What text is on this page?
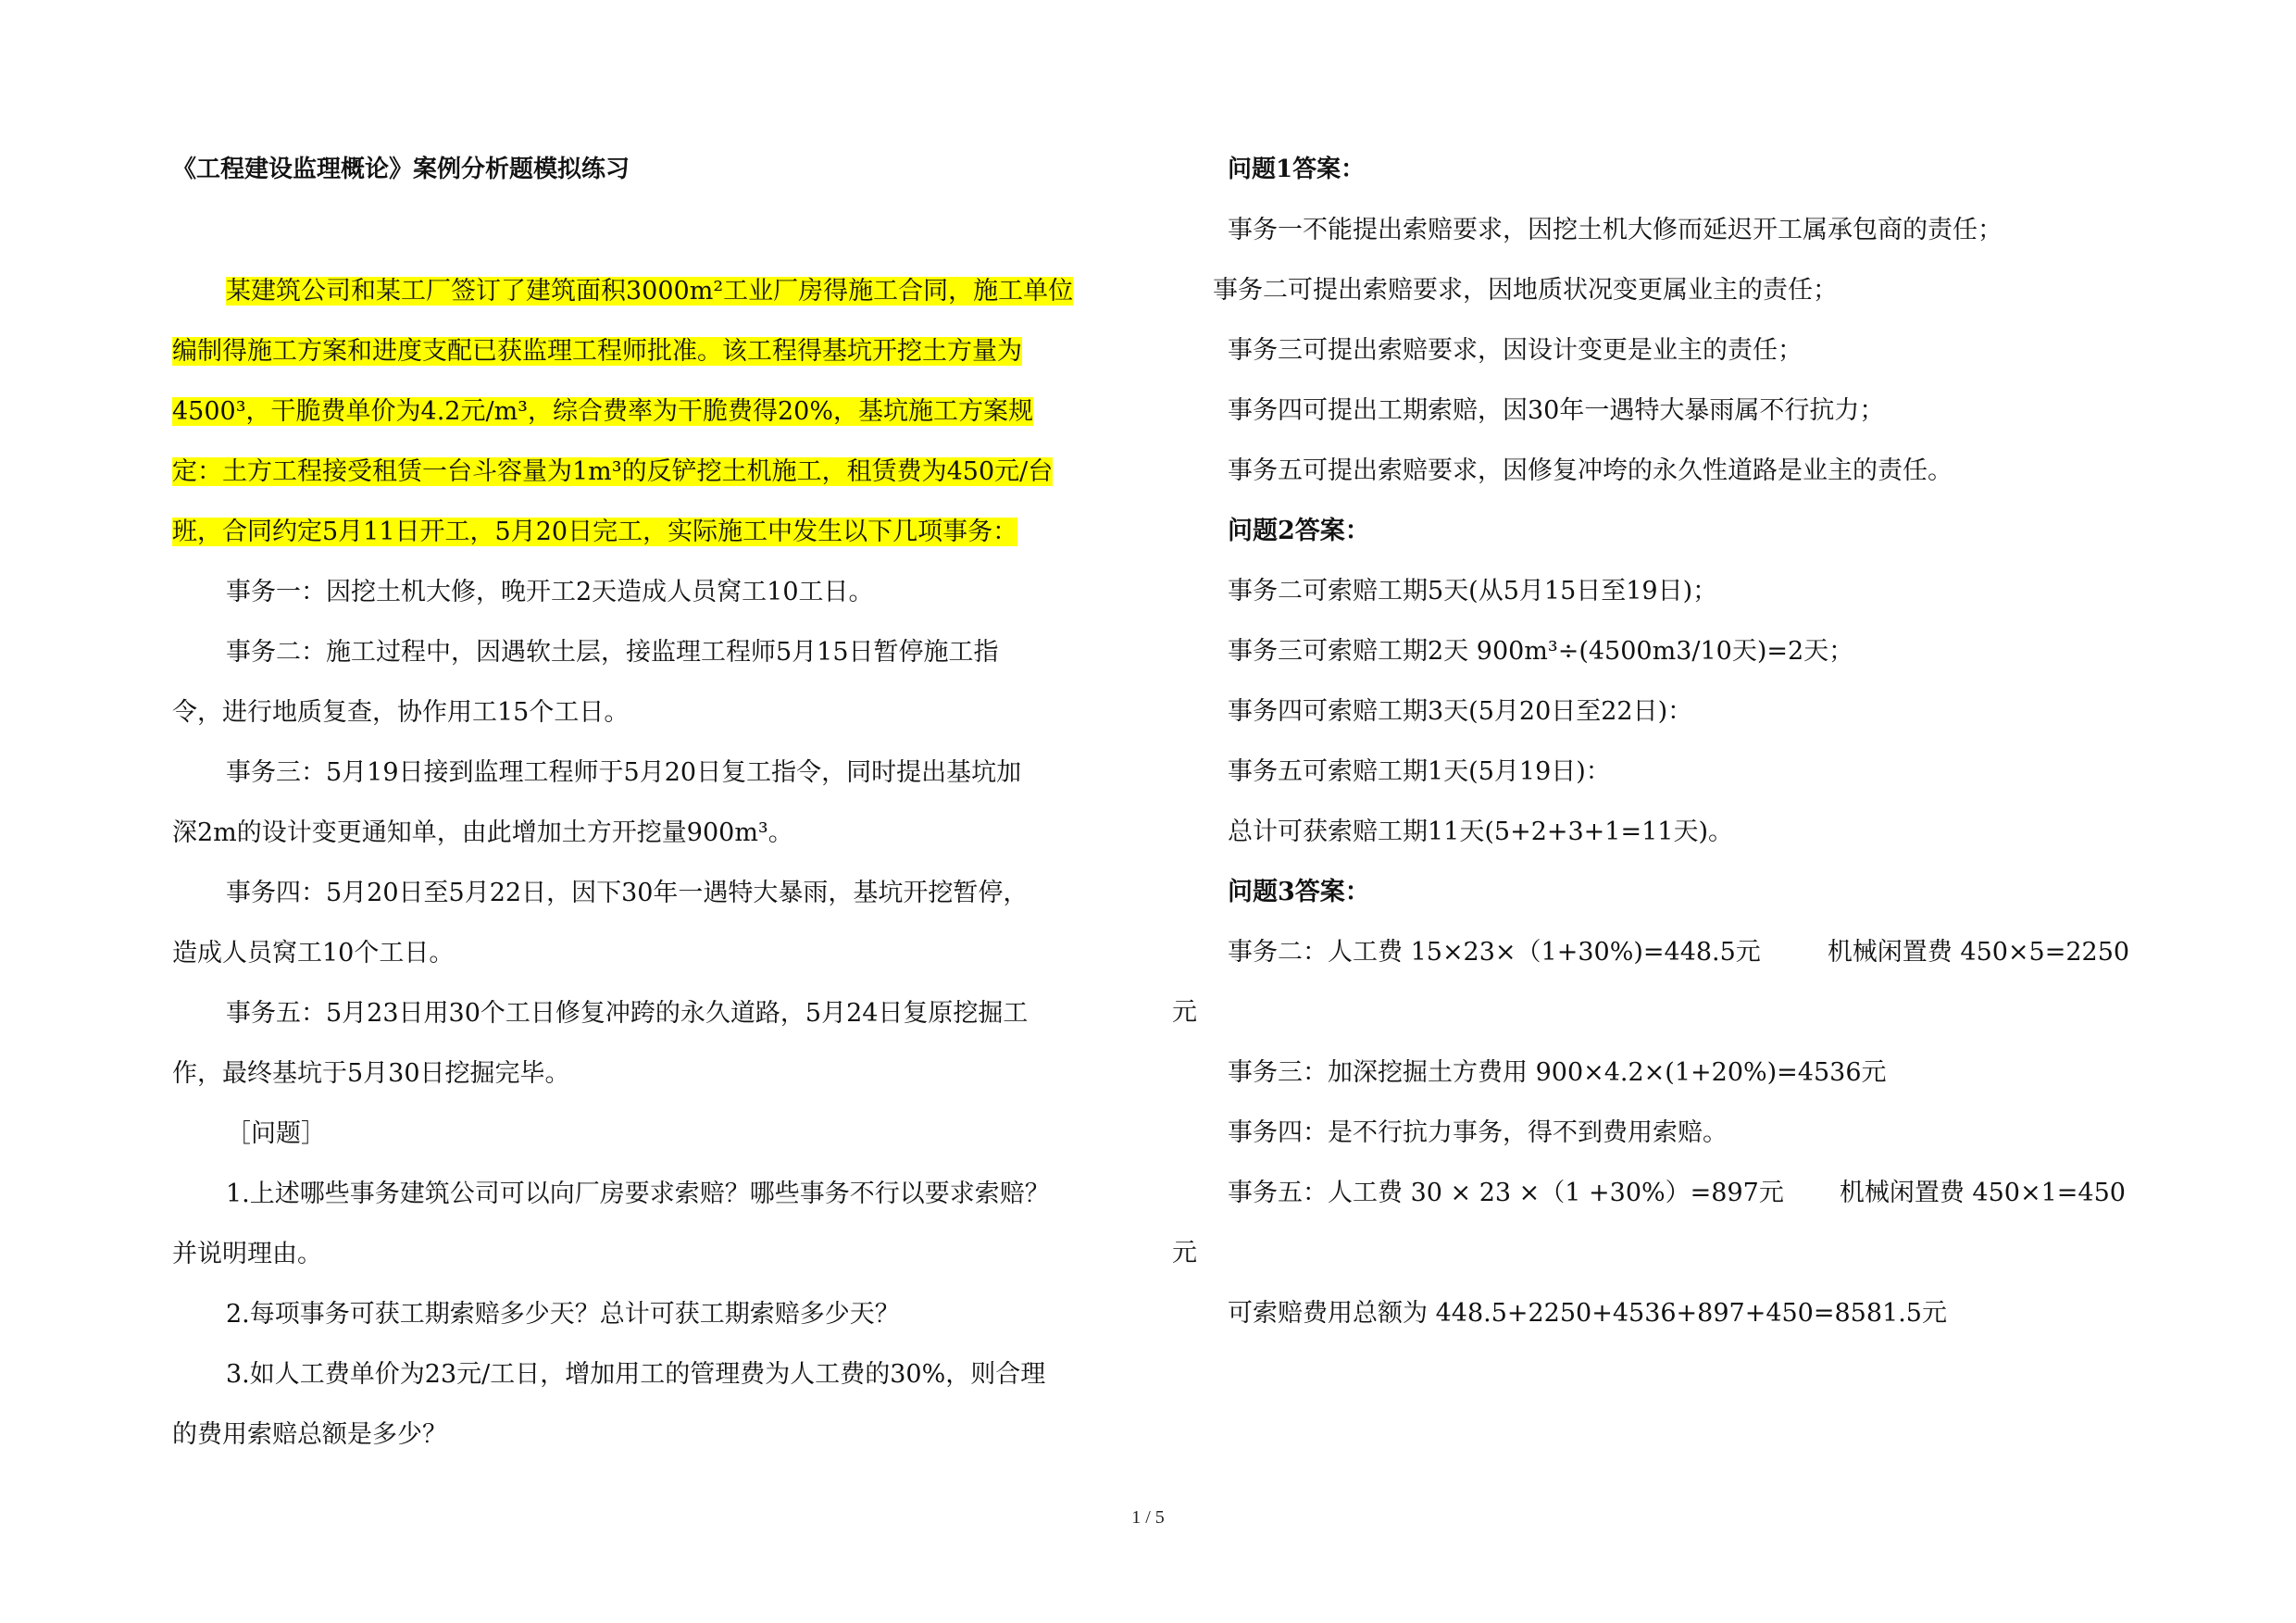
《工程建设监理概论》案例分析题模拟练习
某建筑公司和某工厂签订了建筑面积3000m²工业厂房得施工合同，施工单位
编制得施工方案和进度支配已获监理工程师批准。该工程得基坑开挖土方量为
4500³，干脆费单价为4.2元/m³，综合费率为干脆费得20%，基坑施工方案规
定：土方工程接受租赁一台斗容量为1m³的反铲挖土机施工，租赁费为450元/台
班，合同约定5月11日开工，5月20日完工，实际施工中发生以下几项事务：
事务一：因挖土机大修，晚开工2天造成人员窝工10工日。
事务二：施工过程中，因遇软土层，接监理工程师5月15日暂停施工指
令，进行地质复查，协作用工15个工日。
事务三：5月19日接到监理工程师于5月20日复工指令，同时提出基坑加
深2m的设计变更通知单，由此增加土方开挖量900m³。
事务四：5月20日至5月22日，因下30年一遇特大暴雨，基坑开挖暂停，
造成人员窝工10个工日。
事务五：5月23日用30个工日修复冲跨的永久道路，5月24日复原挖掘工
作，最终基坑于5月30日挖掘完毕。
［问题］
1.上述哪些事务建筑公司可以向厂房要求索赔？哪些事务不行以要求索赔？
并说明理由。
2.每项事务可获工期索赔多少天？总计可获工期索赔多少天？
3.如人工费单价为23元/工日，增加用工的管理费为人工费的30%，则合理
的费用索赔总额是多少？
问题1答案：
事务一不能提出索赔要求，因挖土机大修而延迟开工属承包商的责任；
事务二可提出索赔要求，因地质状况变更属业主的责任；
事务三可提出索赔要求，因设计变更是业主的责任；
事务四可提出工期索赔，因30年一遇特大暴雨属不行抗力；
事务五可提出索赔要求，因修复冲垮的永久性道路是业主的责任。
问题2答案：
事务二可索赔工期5天(从5月15日至19日)；
事务三可索赔工期2天 900m³÷(4500m3/10天)=2天；
事务四可索赔工期3天(5月20日至22日)：
事务五可索赔工期1天(5月19日)：
总计可获索赔工期11天(5+2+3+1=11天)。
问题3答案：
事务二：人工费 15×23×（1+30%)=448.5元	机械闲置费 450×5=2250
元
事务三：加深挖掘土方费用 900×4.2×(1+20%)=4536元
事务四：是不行抗力事务，得不到费用索赔。
事务五：人工费 30 × 23 ×（1 +30%）=897元 机械闲置费 450×1=450
元
可索赔费用总额为 448.5+2250+4536+897+450=8581.5元
1 / 5
